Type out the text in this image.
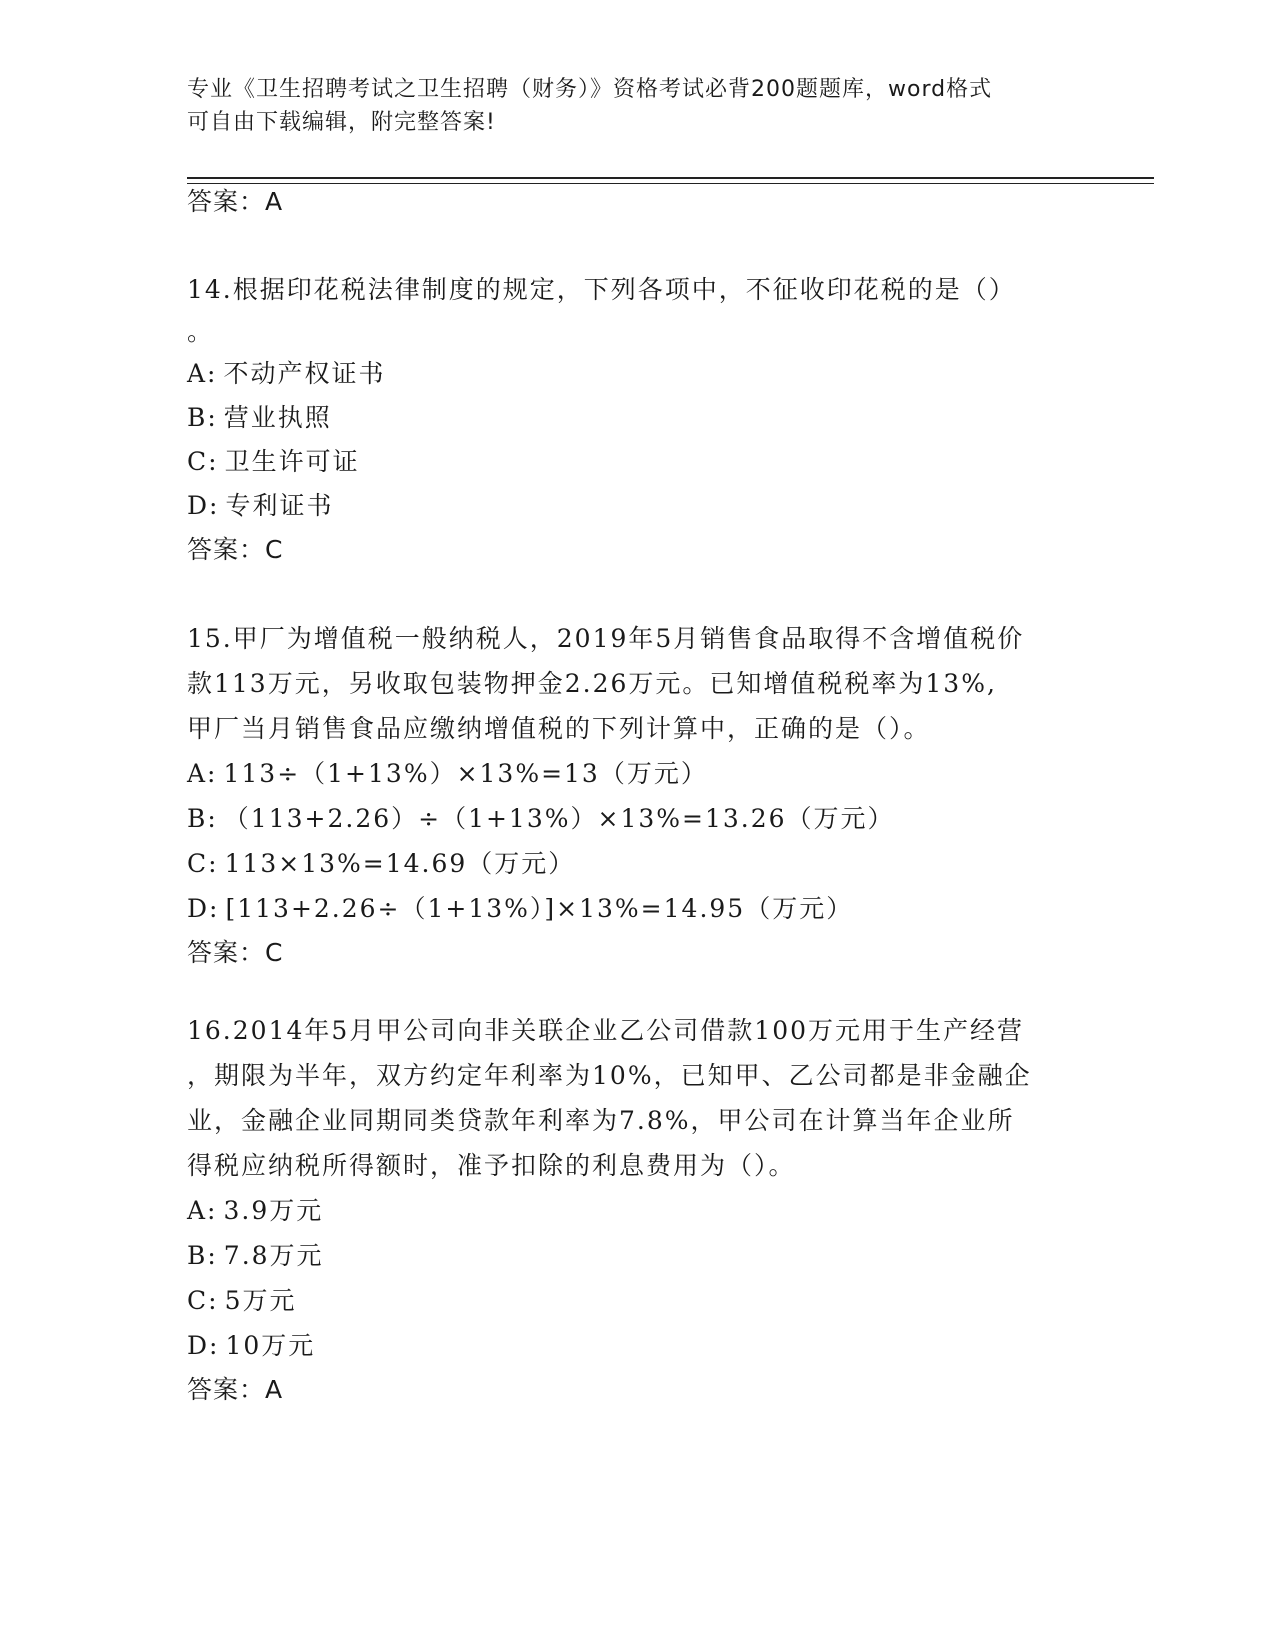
专业《卫生招聘考试之卫生招聘（财务）》资格考试必背200题题库，word格式
可自由下载编辑，附完整答案!
答案：A
14.根据印花税法律制度的规定，下列各项中，不征收印花税的是（）
。
A: 不动产权证书
B: 营业执照
C: 卫生许可证
D: 专利证书
答案：C
15.甲厂为增值税一般纳税人，2019年5月销售食品取得不含增值税价
款113万元，另收取包装物押金2.26万元。已知增值税税率为13%,
甲厂当月销售食品应缴纳增值税的下列计算中，正确的是（）。
A: 113÷（1+13%）×13%=13（万元）
B: （113+2.26）÷（1+13%）×13%=13.26（万元）
C: 113×13%=14.69（万元）
D: [113+2.26÷（1+13%）]×13%=14.95（万元）
答案：C
16.2014年5月甲公司向非关联企业乙公司借款100万元用于生产经营
，期限为半年，双方约定年利率为10%，已知甲、乙公司都是非金融企
业，金融企业同期同类贷款年利率为7.8%，甲公司在计算当年企业所
得税应纳税所得额时，准予扣除的利息费用为（）。
A: 3.9万元
B: 7.8万元
C: 5万元
D: 10万元
答案：A
